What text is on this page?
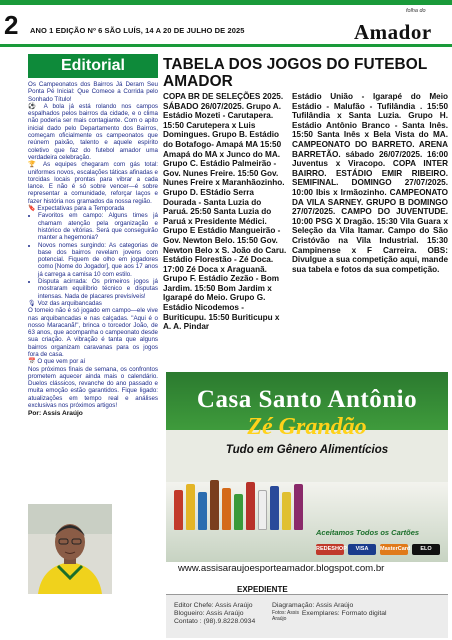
2 ANO 1 EDIÇÃO Nº 6 SÃO LUÍS, 14 A 20 DE JULHO DE 2025
folha do
Amador
Editorial

Os Campeonatos dos Bairros Já Deram Seu Ponta Pé Inicial: Que Comece a Corrida pelo Sonhado Título!

⚽ A bola já está rolando nos campos espalhados pelos bairros da cidade, e o clima não poderia ser mais contagiante. Com o apito inicial dado pelo Departamento dos Bairros, começam oficialmente os campeonatos que reúnem paixão, talento e aquele espírito coletivo que faz do futebol amador uma verdadeira celebração.

🏆 As equipes chegaram com gás total: uniformes novos, escalações táticas afinadas e torcidas locais prontas para vibrar a cada lance. E não é só sobre vencer—é sobre representar a comunidade, reforçar laços e fazer história nos gramados da nossa região.

🔖 Expectativas para a Temporada

• Favoritos em campo: Alguns times já chamam atenção pela organização e histórico de vitórias. Será que conseguirão manter a hegemonia?
• Novos nomes surgindo: As categorias de base dos bairros revelam jovens com potencial. Fiquem de olho em jogadores como [Nome do Jogador], que aos 17 anos já carrega a camisa 10 com estilo.
• Disputa acirrada: Os primeiros jogos já mostraram equilíbrio técnico e disputas intensas. Nada de placares previsíveis!

🎙 Voz das arquibancadas

O torneio não é só jogado em campo—ele vive nas arquibancadas e nas calçadas. "Aqui é o nosso Maracanã!", brinca o torcedor João, de 63 anos, que acompanha o campeonato desde sua criação. A vibração é tanta que alguns bairros organizam caravanas para os jogos fora de casa.

📅 O que vem por aí

Nos próximos finais de semana, os confrontos prometem aquecer ainda mais o calendário. Duelos clássicos, revanche do ano passado e muita emoção estão garantidos. Fique ligado: atualizações em tempo real e análises exclusivas nos próximos artigos!

Por: Assis Araújo

TABELA DOS JOGOS DO FUTEBOL AMADOR
COPA BR DE SELEÇÕES 2025. SÁBADO 26/07/2025. Grupo A. Estádio Mozeti - Carutapera. 15:50 Carutepera x Luis Domingues. Grupo B. Estádio do Botafogo- Amapá MA 15:50 Amapá do MA x Junco do MA. Grupo C. Estádio Palmeirão - Gov. Nunes Freire. 15:50 Gov. Nunes Freire x Maranhãozinho. Grupo D. EStádio Serra Dourada - Santa Luzia do Paruá. 25:50 Santa Luzia do Paruá x Presidente Médici. Grupo E Estádio Mangueirão - Gov. Newton Belo. 15:50 Gov. Newton Belo x S. João do Caru. Estádio Florestão - Zé Doca. 17:00 Zé Doca x Araguanã. Grupo F. Estádio Zezão - Bom Jardim. 15:50 Bom Jardim x Igarapé do Meio. Grupo G. Estádio Nicodemos - Buriticupu. 15:50 Buriticupu x A. A. Pindar
Estádio União - Igarapé do Meio Estádio - Malufão - Tufilândia . 15:50 Tufilândia x Santa Luzia. Grupo H. Estádio Antônio Branco - Santa Inês. 15:50 Santa Inês x Bela Vista do MA. CAMPEONATO DO BARRETO. ARENA BARRETÃO. sábado 26/07/2025. 16:00 Juventus x Viracopo. COPA INTER BAIRRO. ESTÁDIO EMIR RIBEIRO. SEMIFINAL. DOMINGO 27/07/2025. 10:00 Ibis x Irmãozinho. CAMPEONATO DA VILA SARNEY. GRUPO B DOMINGO 27/07/2025. CAMPO DO JUVENTUDE. 10:00 PSG X Dragão. 15:30 Vila Guara x Seleção da Vila Itamar. Campo do São Cristóvão na Vila Industrial. 15:30 Campinense x F Carreira. OBS: Divulgue a sua competição aqui, mande sua tabela e fotos da sua competição.
Casa Santo Antônio
Zé Grandão
Tudo em Gênero Alimentícios
Aceitamos Todos os Cartões
REDESHOP	VISA	MasterCard	ELO
www.assisaraujoesporteamador.blogspot.com.br
EXPEDIENTE
Editor Chefe: Assis Araújo
Blogueiro: Assis Araújo
Contato : (98).9.8228.0934
Diagramação: Assis Araújo
Fotos: Assis Araújo Exemplares: Formato digital
